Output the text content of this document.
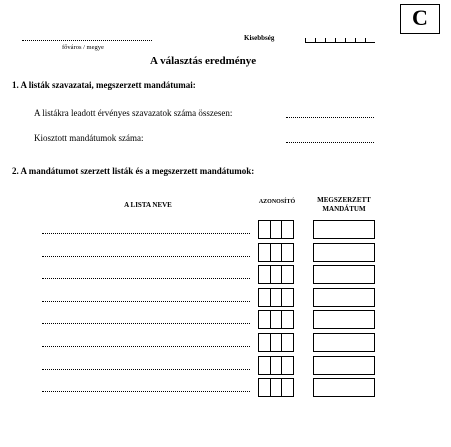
C
főváros / megye
Kisebbség
A választás eredménye
1. A listák szavazatai, megszerzett mandátumai:
A listákra leadott érvényes szavazatok száma összesen:
Kiosztott mandátumok száma:
2. A mandátumot szerzett listák és a megszerzett mandátumok:
A LISTA NEVE	AZONOSÍTÓ	MEGSZERZETT
MANDÁTUM
